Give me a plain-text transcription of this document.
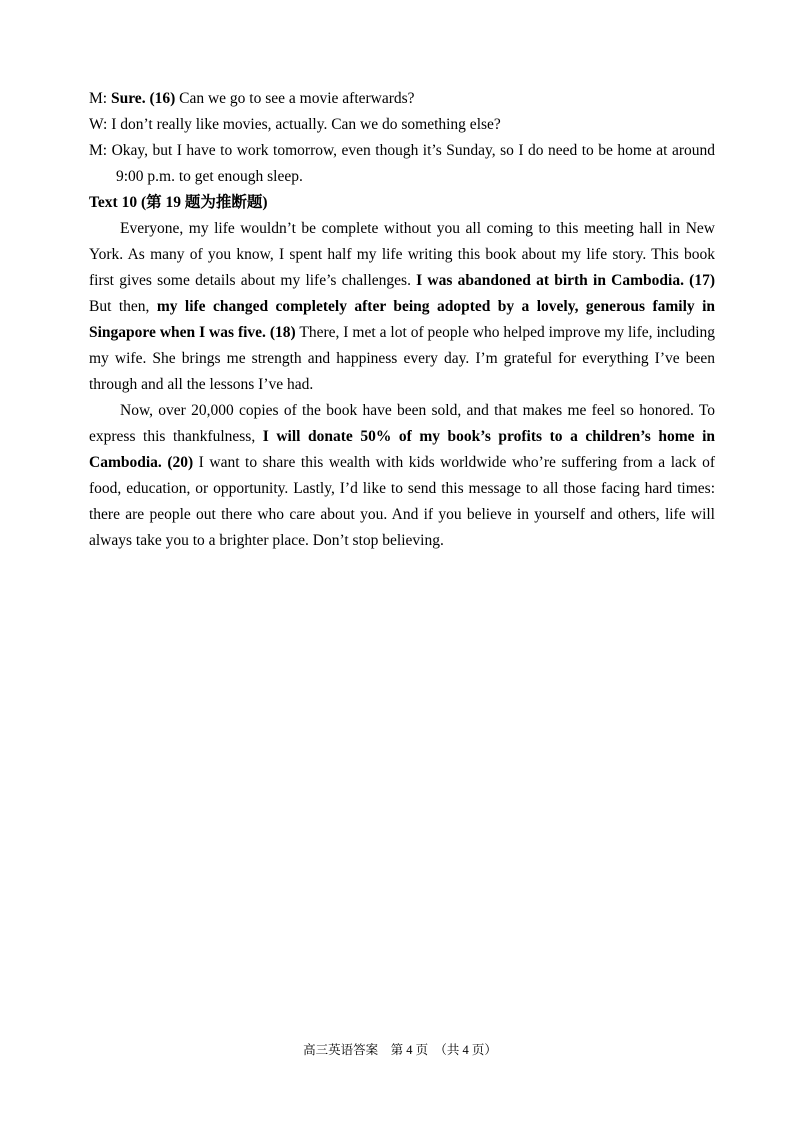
M: Sure. (16) Can we go to see a movie afterwards?
W: I don’t really like movies, actually. Can we do something else?
M: Okay, but I have to work tomorrow, even though it’s Sunday, so I do need to be home at around 9:00 p.m. to get enough sleep.
Text 10 (第 19 题为推断题)
Everyone, my life wouldn’t be complete without you all coming to this meeting hall in New York. As many of you know, I spent half my life writing this book about my life story. This book first gives some details about my life’s challenges. I was abandoned at birth in Cambodia. (17) But then, my life changed completely after being adopted by a lovely, generous family in Singapore when I was five. (18) There, I met a lot of people who helped improve my life, including my wife. She brings me strength and happiness every day. I’m grateful for everything I’ve been through and all the lessons I’ve had.
Now, over 20,000 copies of the book have been sold, and that makes me feel so honored. To express this thankfulness, I will donate 50% of my book’s profits to a children’s home in Cambodia. (20) I want to share this wealth with kids worldwide who’re suffering from a lack of food, education, or opportunity. Lastly, I’d like to send this message to all those facing hard times: there are people out there who care about you. And if you believe in yourself and others, life will always take you to a brighter place. Don’t stop believing.
高三英语答案　第 4 页　（共 4 页）
